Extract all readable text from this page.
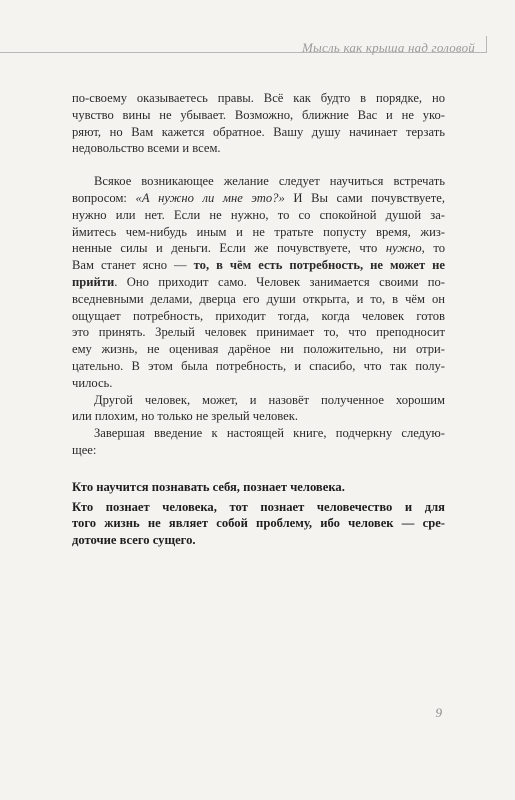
Мысль как крыша над головой

по-своему оказываетесь правы. Всё как будто в порядке, но
чувство вины не убывает. Возможно, ближние Вас и не уко-
ряют, но Вам кажется обратное. Вашу душу начинает терзать
недовольство всеми и всем.

Всякое возникающее желание следует научиться встречать
вопросом: «А нужно ли мне это?» И Вы сами почувствуете,
нужно или нет. Если не нужно, то со спокойной душой за-
ймитесь чем-нибудь иным и не тратьте попусту время, жиз-
ненные силы и деньги. Если же почувствуете, что нужно, то
Вам станет ясно — то, в чём есть потребность, не может не
прийти. Оно приходит само. Человек занимается своими по-
вседневными делами, дверца его души открыта, и то, в чём он
ощущает потребность, приходит тогда, когда человек готов
это принять. Зрелый человек принимает то, что преподносит
ему жизнь, не оценивая дарёное ни положительно, ни отри-
цательно. В этом была потребность, и спасибо, что так полу-
чилось.

Другой человек, может, и назовёт полученное хорошим
или плохим, но только не зрелый человек.

Завершая введение к настоящей книге, подчеркну следую-
щее:

Кто научится познавать себя, познает человека.

Кто познает человека, тот познает человечество и для
того жизнь не являет собой проблему, ибо человек — сре-
доточие всего сущего.

9
